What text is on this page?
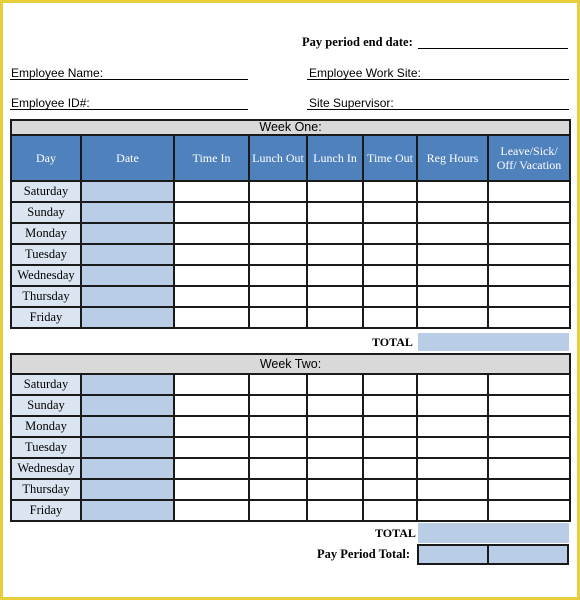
Pay period end date:
Employee Name:	Employee Work Site:
Employee ID#:	Site Supervisor:
Week One:							
Day	Date	Time In	Lunch Out	Lunch In	Time Out	Reg Hours	Leave/Sick/ Off/ Vacation
Saturday							
Sunday							
Monday							
Tuesday							
Wednesday							
Thursday							
Friday							
TOTAL
Week Two:							
Saturday							
Sunday							
Monday							
Tuesday							
Wednesday							
Thursday							
Friday							
TOTAL
Pay Period Total:
